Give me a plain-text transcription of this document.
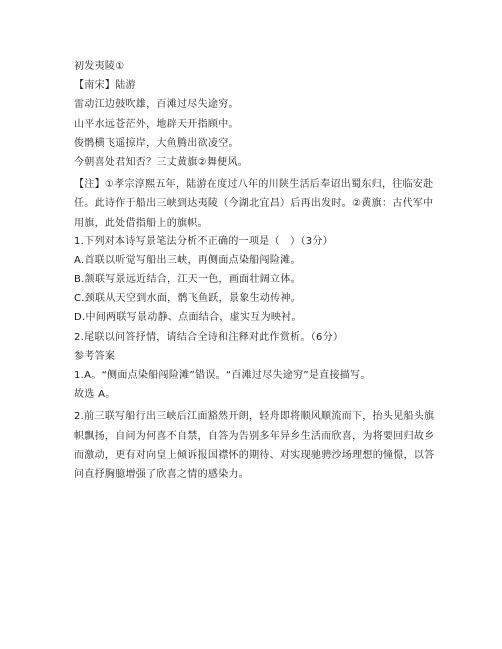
初发夷陵①
【南宋】陆游
雷动江边鼓吹雄，百滩过尽失途穷。
山平水远苍茫外，地辟天开指顾中。
俊鹘横飞遥掠岸，大鱼腾出欲凌空。
今朝喜处君知否？三丈黄旗②舞便风。
【注】①孝宗淳熙五年，陆游在度过八年的川陕生活后奉诏出蜀东归，往临安赴任。此诗作于船出三峡到达夷陵（今湖北宜昌）后再出发时。②黄旗：古代军中用旗，此处借指船上的旗帜。
1.下列对本诗写景笔法分析不正确的一项是（　）（3分）
A.首联以听觉写船出三峡，再侧面点染船闯险滩。
B.颔联写景远近结合，江天一色，画面壮阔立体。
C.颈联从天空到水面，鹘飞鱼跃，景象生动传神。
D.中间两联写景动静、点面结合，虚实互为映衬。
2.尾联以问答抒情，请结合全诗和注释对此作赏析。（6分）
参考答案
1.A。“侧面点染船闯险滩”错误。“百滩过尽失途穷”是直接描写。
故选 A。
2.前三联写船行出三峡后江面豁然开朗，轻舟即将顺风顺流而下，抬头见船头旗帜飘扬，自问为何喜不自禁，自答为告别多年异乡生活而欣喜，为将要回归故乡而激动，更有对向皇上倾诉报国襟怀的期待、对实现驰骋沙场理想的憧憬，以答问直抒胸臆增强了欣喜之情的感染力。
